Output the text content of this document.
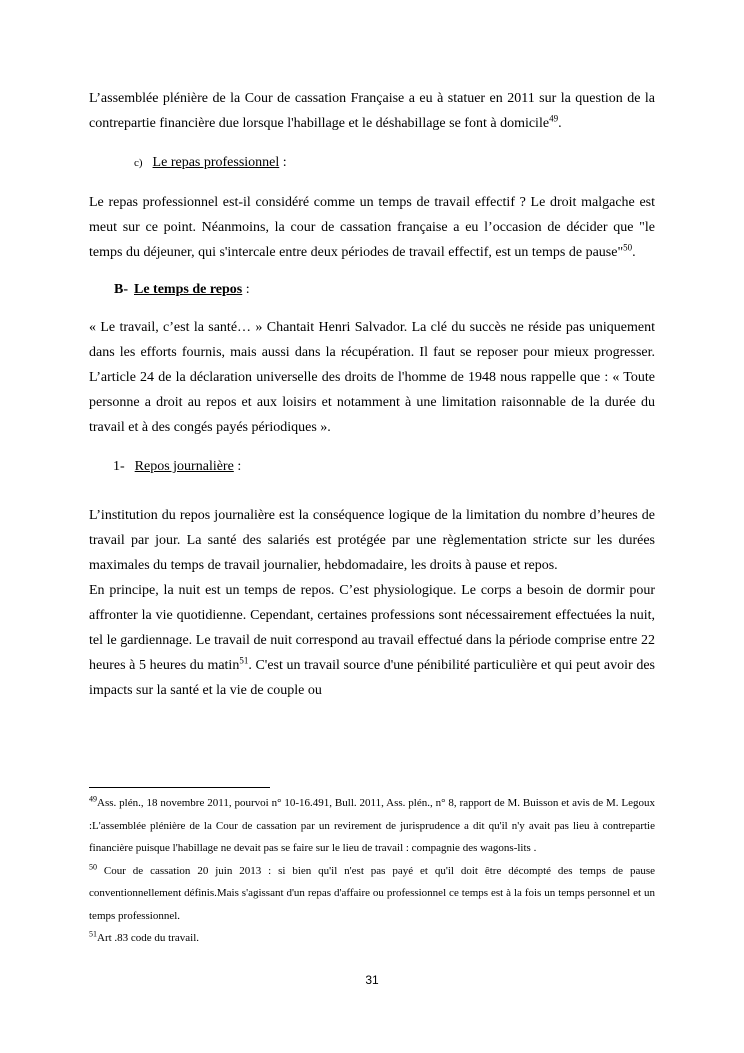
L’assemblée plénière de la Cour de cassation Française a eu à statuer en 2011 sur la question de la contrepartie financière due lorsque l'habillage et le déshabillage se font à domicile$^{49}$.

c) Le repas professionnel :

Le repas professionnel est-il considéré comme un temps de travail effectif ? Le droit malgache est meut sur ce point. Néanmoins, la cour de cassation française a eu l’occasion de décider que "le temps du déjeuner, qui s'intercale entre deux périodes de travail effectif, est un temps de pause"$^{50}$.

B- Le temps de repos :

« Le travail, c’est la santé… » Chantait Henri Salvador. La clé du succès ne réside pas uniquement dans les efforts fournis, mais aussi dans la récupération. Il faut se reposer pour mieux progresser. L’article 24 de la déclaration universelle des droits de l'homme de 1948 nous rappelle que : « Toute personne a droit au repos et aux loisirs et notamment à une limitation raisonnable de la durée du travail et à des congés payés périodiques ».

1- Repos journalière :

L’institution du repos journalière est la conséquence logique de la limitation du nombre d’heures de travail par jour. La santé des salariés est protégée par une règlementation stricte sur les durées maximales du temps de travail journalier, hebdomadaire, les droits à pause et repos.

En principe, la nuit est un temps de repos. C’est physiologique. Le corps a besoin de dormir pour affronter la vie quotidienne. Cependant, certaines professions sont nécessairement effectuées la nuit, tel le gardiennage. Le travail de nuit correspond au travail effectué dans la période comprise entre 22 heures à 5 heures du matin$^{51}$. C'est un travail source d'une pénibilité particulière et qui peut avoir des impacts sur la santé et la vie de couple ou

$^{49}$Ass. plén., 18 novembre 2011, pourvoi n° 10-16.491, Bull. 2011, Ass. plén., n° 8, rapport de M. Buisson et avis de M. Legoux :L'assemblée plénière de la Cour de cassation par un revirement de jurisprudence a dit qu'il n'y avait pas lieu à contrepartie financière puisque l'habillage ne devait pas se faire sur le lieu de travail : compagnie des wagons-lits .

$^{50}$ Cour de cassation 20 juin 2013 : si bien qu'il n'est pas payé et qu'il doit être décompté des temps de pause conventionnellement définis.Mais s'agissant d'un repas d'affaire ou professionnel ce temps est à la fois un temps personnel et un temps professionnel.

$^{51}$Art .83 code du travail.

31
